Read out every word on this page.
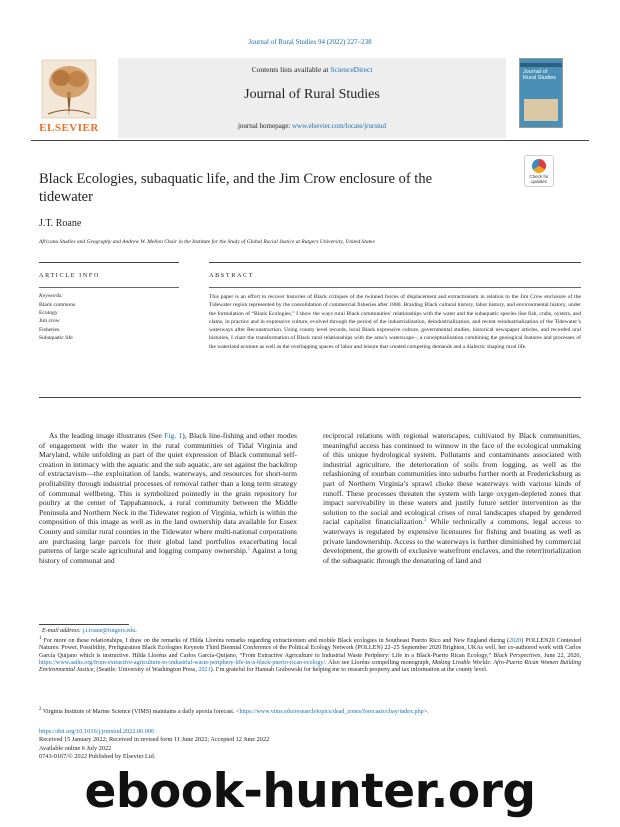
Journal of Rural Studies 94 (2022) 227–238
ELSEVIER
Contents lists available at ScienceDirect
Journal of Rural Studies
journal homepage: www.elsevier.com/locate/jrurstud
Journal of Rural Studies
Black Ecologies, subaquatic life, and the Jim Crow enclosure of the tidewater
Check for updates
J.T. Roane
Africana Studies and Geography and Andrew W. Mellon Chair in the Institute for the Study of Global Racial Justice at Rutgers University, United States
ARTICLE INFO	ABSTRACT
Keywords:
Black commons
Ecology
Jim crow
Fisheries
Subaquatic life
This paper is an effort to recover histories of Black critiques of the twinned forces of displacement and extractionism in relation to the Jim Crow enclosure of the Tidewater region represented by the consolidation of commercial fisheries after 1880. Braiding Black cultural history, labor history, and environmental history, under the formulation of “Black Ecologies,” I show the ways rural Black communities’ relationships with the water and the subaquatic species like fish, crabs, oysters, and clams, in practice and in expressive culture, evolved through the period of the industrialization, deindustrialization, and recent reindustrialization of the Tidewater’s waterways after Reconstruction. Using county level records, local Black expressive culture, governmental studies, historical newspaper articles, and recorded oral histories, I chart the transformation of Black rural relationships with the area’s waterscape–, a conceptualization combining the geological features and processes of the waterland ecotone as well as the overlapping spaces of labor and leisure that created competing demands and a dialectic shaping rural life.
As the leading image illustrates (See Fig. 1), Black line-fishing and other modes of engagement with the water in the rural communities of Tidal Virginia and Maryland, while unfolding as part of the quiet expression of Black communal self-creation in intimacy with the aquatic and the sub aquatic, are set against the backdrop of extractavism—the exploitation of lands, waterways, and resources for short-term profitability through industrial processes of removal rather than a long term strategy of communal wellbeing. This is symbolized pointedly in the grain repository for poultry at the center of Tappahannock, a rural community between the Middle Peninsula and Northern Neck in the Tidewater region of Virginia, which is within the composition of this image as well as in the land ownership data available for Essex County and similar rural counties in the Tidewater where multi-national corporations are purchasing large parcels for their global land portfolios exacerbating local patterns of large scale agricultural and logging company ownership.$^1$ Against a long history of communal and
reciprocal relations with regional waterscapes, cultivated by Black communities, meaningful access has continued to winnow in the face of the ecological unmaking of this unique hydrological system. Pollutants and contaminants associated with industrial agriculture, the deterioration of soils from logging, as well as the refashioning of exurban communities into suburbs further north at Fredericksburg as part of Northern Virginia’s sprawl choke these waterways with various kinds of runoff. These processes threaten the system with large oxygen-depleted zones that impact survivability in these waters and justify future settler intervention as the solution to the social and ecological crises of rural landscapes shaped by gendered racial capitalist financialization.$^2$ While technically a commons, legal access to waterways is regulated by expensive licensures for fishing and boating as well as private landownership. Access to the waterways is further diminished by commercial development, the growth of exclusive waterfront enclaves, and the reterritorialization of the subaquatic through the denaturing of land and
E-mail address: j.t.roane@rutgers.edu.
$^1$ For more on these relationships, I draw on the remarks of Hilda Lloréns remarks regarding extractionism and mobile Black ecologies in Southeast Puerto Rico and New England during (2020) POLLEN20 Contested Natures: Power, Possibility, Prefiguration Black Ecologies Keynote Third Biennial Conference of the Political Ecology Network (POLLEN) 22–25 September 2020 Brighton, UKAs well, her co-authored work with Carlos García Quijano which is instructive. Hilda Lloréns and Carlos García-Quijano, “From Extractive Agriculture to Industrial Waste Periphery: Life in a Black-Puerto Rican Ecology,” Black Perspectives, June 22, 2020, https://www.aaihs.org/from-extractive-agriculture-to-industrial-waste-periphery-life-in-a-black-puerto-rican-ecology/. Also see Lloréns compelling monograph, Making Livable Worlds: Afro-Puerto Rican Women Building Environmental Justice, (Seattle: University of Washington Press, 2021). I’m grateful for Hannah Grabowski for helping me to research property and tax information at the county level.
$^2$ Virginia Institute of Marine Science (VIMS) maintains a daily apoxia forecast. <https://www.vims.edu/research/topics/dead_zones/forecasts/cbay/index.php>.
https://doi.org/10.1016/j.jrurstud.2022.06.006
Received 15 January 2022; Received in revised form 11 June 2022; Accepted 12 June 2022
Available online 6 July 2022
0743-0167/© 2022 Published by Elsevier Ltd.
ebook-hunter.org
